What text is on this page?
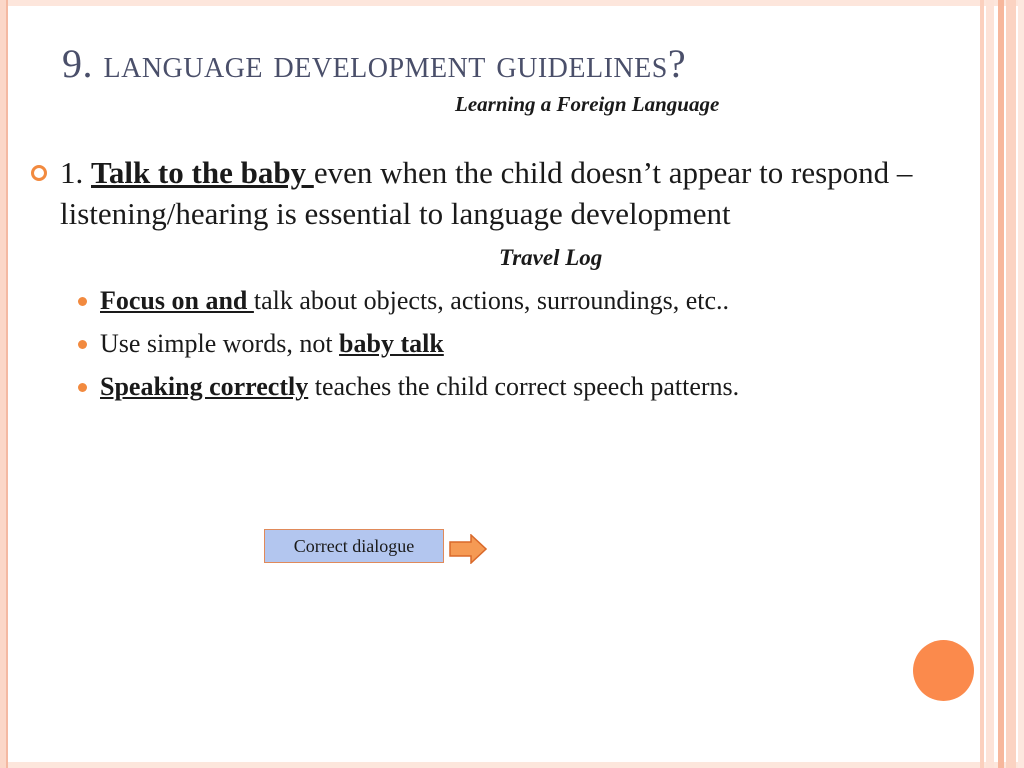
9. language development guidelines?
Learning a Foreign Language
1. Talk to the baby even when the child doesn’t appear to respond – listening/hearing is essential to language development
Travel Log
Focus on and talk about objects, actions, surroundings, etc..
Use simple words, not baby talk
Speaking correctly teaches the child correct speech patterns.
Correct dialogue
